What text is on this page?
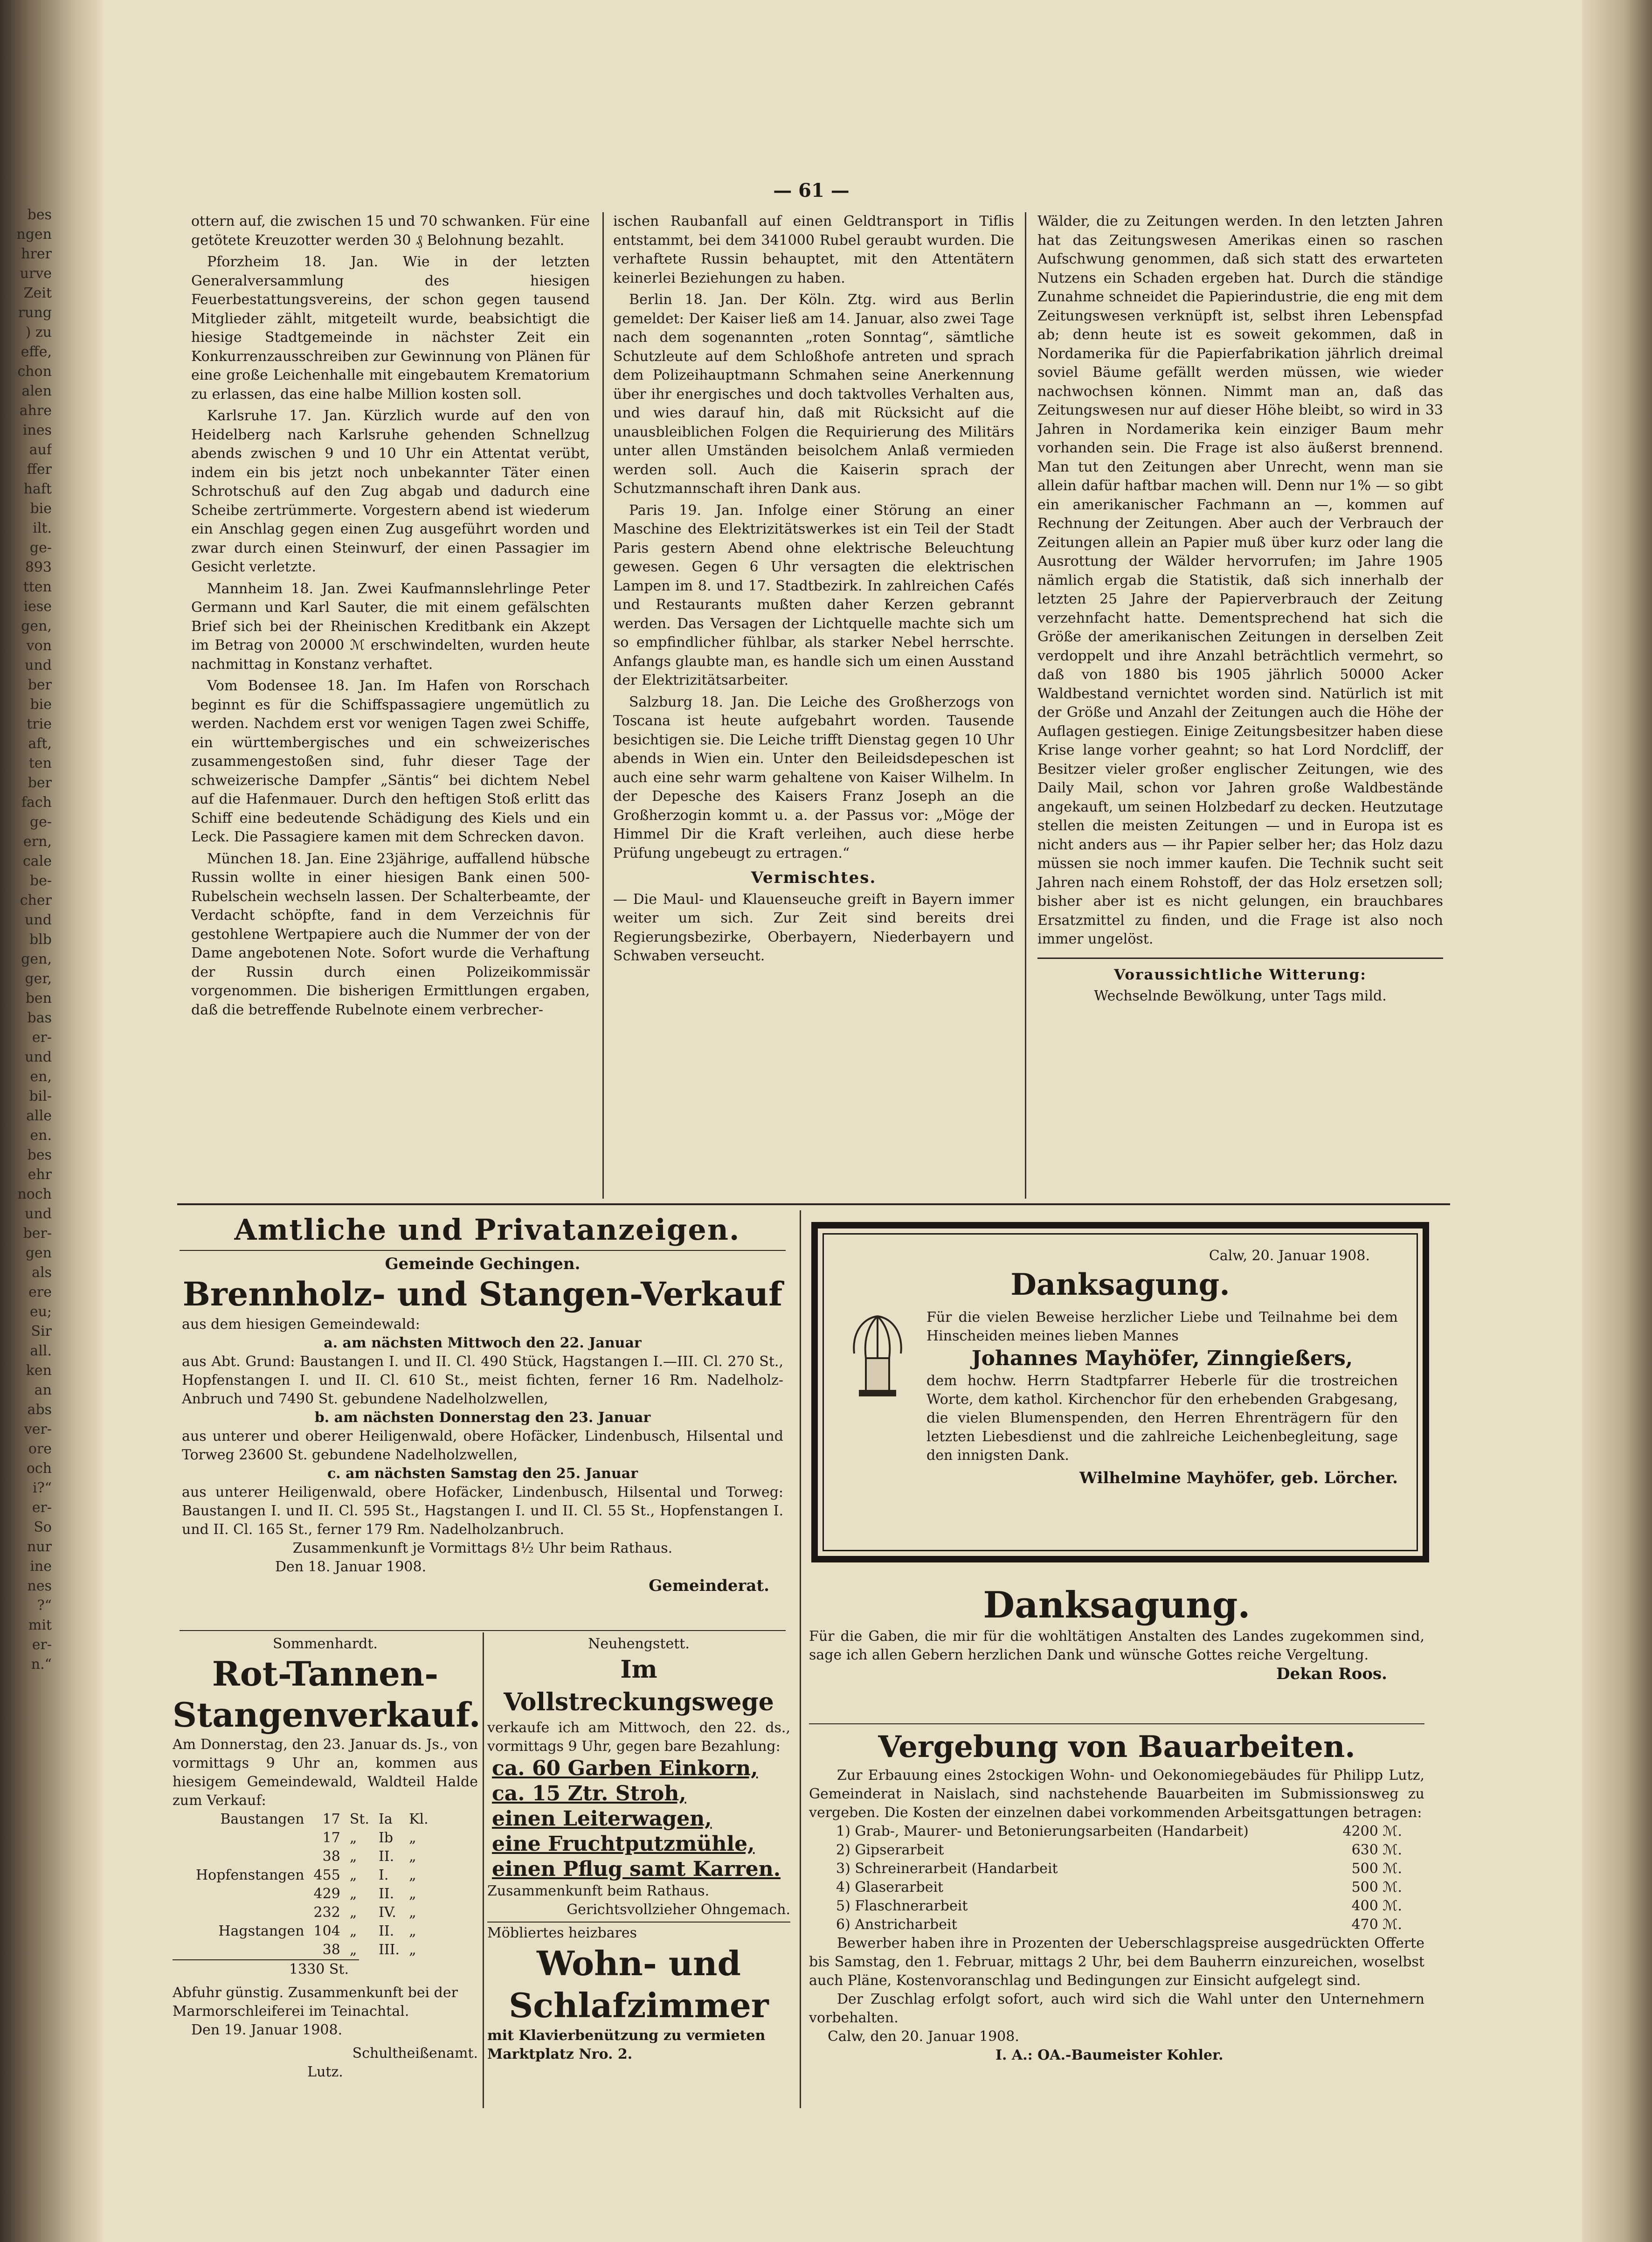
bes
ngen
hrer
urve
Zeit
rung
) zu
effe,
chon
alen
ahre
ines
auf
ffer
haft
bie
ilt.
ge-
893
tten
iese
gen,
von
und
ber
bie
trie
aft,
ten
ber
fach
ge-
ern,
cale
be-
cher
und
blb
gen,
ger,
ben
bas
er-
und
en,
bil-
alle
en.
bes
ehr
noch
und
ber-
gen
als
ere
eu;
Sir
all.
ken
an
abs
ver-
ore
och
i?“
er-
So
nur
ine
nes
?“
mit
er-
n.“
— 61 —

ottern auf, die zwischen 15 und 70 schwanken. Für eine getötete Kreuzotter werden 30 ₰ Belohnung bezahlt.

Pforzheim 18. Jan. Wie in der letzten Generalversammlung des hiesigen Feuerbestattungsvereins, der schon gegen tausend Mitglieder zählt, mitgeteilt wurde, beabsichtigt die hiesige Stadtgemeinde in nächster Zeit ein Konkurrenzausschreiben zur Gewinnung von Plänen für eine große Leichenhalle mit eingebautem Krematorium zu erlassen, das eine halbe Million kosten soll.

Karlsruhe 17. Jan. Kürzlich wurde auf den von Heidelberg nach Karlsruhe gehenden Schnellzug abends zwischen 9 und 10 Uhr ein Attentat verübt, indem ein bis jetzt noch unbekannter Täter einen Schrotschuß auf den Zug abgab und dadurch eine Scheibe zertrümmerte. Vorgestern abend ist wiederum ein Anschlag gegen einen Zug ausgeführt worden und zwar durch einen Steinwurf, der einen Passagier im Gesicht verletzte.

Mannheim 18. Jan. Zwei Kaufmannslehrlinge Peter Germann und Karl Sauter, die mit einem gefälschten Brief sich bei der Rheinischen Kreditbank ein Akzept im Betrag von 20000 ℳ erschwindelten, wurden heute nachmittag in Konstanz verhaftet.

Vom Bodensee 18. Jan. Im Hafen von Rorschach beginnt es für die Schiffspassagiere ungemütlich zu werden. Nachdem erst vor wenigen Tagen zwei Schiffe, ein württembergisches und ein schweizerisches zusammengestoßen sind, fuhr dieser Tage der schweizerische Dampfer „Säntis“ bei dichtem Nebel auf die Hafenmauer. Durch den heftigen Stoß erlitt das Schiff eine bedeutende Schädigung des Kiels und ein Leck. Die Passagiere kamen mit dem Schrecken davon.

München 18. Jan. Eine 23jährige, auffallend hübsche Russin wollte in einer hiesigen Bank einen 500-Rubelschein wechseln lassen. Der Schalterbeamte, der Verdacht schöpfte, fand in dem Verzeichnis für gestohlene Wertpapiere auch die Nummer der von der Dame angebotenen Note. Sofort wurde die Verhaftung der Russin durch einen Polizeikommissär vorgenommen. Die bisherigen Ermittlungen ergaben, daß die betreffende Rubelnote einem verbrecher-

ischen Raubanfall auf einen Geldtransport in Tiflis entstammt, bei dem 341000 Rubel geraubt wurden. Die verhaftete Russin behauptet, mit den Attentätern keinerlei Beziehungen zu haben.

Berlin 18. Jan. Der Köln. Ztg. wird aus Berlin gemeldet: Der Kaiser ließ am 14. Januar, also zwei Tage nach dem sogenannten „roten Sonntag“, sämtliche Schutzleute auf dem Schloßhofe antreten und sprach dem Polizeihauptmann Schmahen seine Anerkennung über ihr energisches und doch taktvolles Verhalten aus, und wies darauf hin, daß mit Rücksicht auf die unausbleiblichen Folgen die Requirierung des Militärs unter allen Umständen beisolchem Anlaß vermieden werden soll. Auch die Kaiserin sprach der Schutzmannschaft ihren Dank aus.

Paris 19. Jan. Infolge einer Störung an einer Maschine des Elektrizitätswerkes ist ein Teil der Stadt Paris gestern Abend ohne elektrische Beleuchtung gewesen. Gegen 6 Uhr versagten die elektrischen Lampen im 8. und 17. Stadtbezirk. In zahlreichen Cafés und Restaurants mußten daher Kerzen gebrannt werden. Das Versagen der Lichtquelle machte sich um so empfindlicher fühlbar, als starker Nebel herrschte. Anfangs glaubte man, es handle sich um einen Ausstand der Elektrizitätsarbeiter.

Salzburg 18. Jan. Die Leiche des Großherzogs von Toscana ist heute aufgebahrt worden. Tausende besichtigen sie. Die Leiche trifft Dienstag gegen 10 Uhr abends in Wien ein. Unter den Beileidsdepeschen ist auch eine sehr warm gehaltene von Kaiser Wilhelm. In der Depesche des Kaisers Franz Joseph an die Großherzogin kommt u. a. der Passus vor: „Möge der Himmel Dir die Kraft verleihen, auch diese herbe Prüfung ungebeugt zu ertragen.“

Vermischtes.

— Die Maul- und Klauenseuche greift in Bayern immer weiter um sich. Zur Zeit sind bereits drei Regierungsbezirke, Oberbayern, Niederbayern und Schwaben verseucht.

Wälder, die zu Zeitungen werden. In den letzten Jahren hat das Zeitungswesen Amerikas einen so raschen Aufschwung genommen, daß sich statt des erwarteten Nutzens ein Schaden ergeben hat. Durch die ständige Zunahme schneidet die Papierindustrie, die eng mit dem Zeitungswesen verknüpft ist, selbst ihren Lebenspfad ab; denn heute ist es soweit gekommen, daß in Nordamerika für die Papierfabrikation jährlich dreimal soviel Bäume gefällt werden müssen, wie wieder nachwochsen können. Nimmt man an, daß das Zeitungswesen nur auf dieser Höhe bleibt, so wird in 33 Jahren in Nordamerika kein einziger Baum mehr vorhanden sein. Die Frage ist also äußerst brennend. Man tut den Zeitungen aber Unrecht, wenn man sie allein dafür haftbar machen will. Denn nur 1% — so gibt ein amerikanischer Fachmann an —, kommen auf Rechnung der Zeitungen. Aber auch der Verbrauch der Zeitungen allein an Papier muß über kurz oder lang die Ausrottung der Wälder hervorrufen; im Jahre 1905 nämlich ergab die Statistik, daß sich innerhalb der letzten 25 Jahre der Papierverbrauch der Zeitung verzehnfacht hatte. Dementsprechend hat sich die Größe der amerikanischen Zeitungen in derselben Zeit verdoppelt und ihre Anzahl beträchtlich vermehrt, so daß von 1880 bis 1905 jährlich 50000 Acker Waldbestand vernichtet worden sind. Natürlich ist mit der Größe und Anzahl der Zeitungen auch die Höhe der Auflagen gestiegen. Einige Zeitungsbesitzer haben diese Krise lange vorher geahnt; so hat Lord Nordcliff, der Besitzer vieler großer englischer Zeitungen, wie des Daily Mail, schon vor Jahren große Waldbestände angekauft, um seinen Holzbedarf zu decken. Heutzutage stellen die meisten Zeitungen — und in Europa ist es nicht anders aus — ihr Papier selber her; das Holz dazu müssen sie noch immer kaufen. Die Technik sucht seit Jahren nach einem Rohstoff, der das Holz ersetzen soll; bisher aber ist es nicht gelungen, ein brauchbares Ersatzmittel zu finden, und die Frage ist also noch immer ungelöst.

Voraussichtliche Witterung:
Wechselnde Bewölkung, unter Tags mild.
Amtliche und Privatanzeigen.
Gemeinde Gechingen.
Brennholz- und Stangen-Verkauf
aus dem hiesigen Gemeindewald:
a. am nächsten Mittwoch den 22. Januar
aus Abt. Grund: Baustangen I. und II. Cl. 490 Stück, Hagstangen I.—III. Cl. 270 St., Hopfenstangen I. und II. Cl. 610 St., meist fichten, ferner 16 Rm. Nadelholz-Anbruch und 7490 St. gebundene Nadelholzwellen,
b. am nächsten Donnerstag den 23. Januar
aus unterer und oberer Heiligenwald, obere Hofäcker, Lindenbusch, Hilsental und Torweg 23600 St. gebundene Nadelholzwellen,
c. am nächsten Samstag den 25. Januar
aus unterer Heiligenwald, obere Hofäcker, Lindenbusch, Hilsental und Torweg: Baustangen I. und II. Cl. 595 St., Hagstangen I. und II. Cl. 55 St., Hopfenstangen I. und II. Cl. 165 St., ferner 179 Rm. Nadelholzanbruch.
Zusammenkunft je Vormittags 8½ Uhr beim Rathaus.
Den 18. Januar 1908.
Gemeinderat.
Sommenhardt.
Rot-Tannen-
Stangenverkauf.
Am Donnerstag, den 23. Januar ds. Js., von vormittags 9 Uhr an, kommen aus hiesigem Gemeindewald, Waldteil Halde zum Verkauf:
Baustangen	17	St.	Ia	Kl.
	17	„	Ib	„
	38	„	II.	„
Hopfenstangen	455	„	I.	„
	429	„	II.	„
	232	„	IV.	„
Hagstangen	104	„	II.	„
	38	„	III.	„
1330 St.
Abfuhr günstig. Zusammenkunft bei der Marmorschleiferei im Teinachtal.
Den 19. Januar 1908.
Schultheißenamt.
Lutz.
Neuhengstett.
Im Vollstreckungswege
verkaufe ich am Mittwoch, den 22. ds., vormittags 9 Uhr, gegen bare Bezahlung:
ca. 60 Garben Einkorn,
ca. 15 Ztr. Stroh,
einen Leiterwagen,
eine Fruchtputzmühle,
einen Pflug samt Karren.
Zusammenkunft beim Rathaus.
Gerichtsvollzieher Ohngemach.
Möbliertes heizbares
Wohn- und
Schlafzimmer
mit Klavierbenützung zu vermieten
Marktplatz Nro. 2.
Calw, 20. Januar 1908.
Danksagung.
Für die vielen Beweise herzlicher Liebe und Teilnahme bei dem Hinscheiden meines lieben Mannes
Johannes Mayhöfer, Zinngießers,
dem hochw. Herrn Stadtpfarrer Heberle für die trostreichen Worte, dem kathol. Kirchenchor für den erhebenden Grabgesang, die vielen Blumenspenden, den Herren Ehrenträgern für den letzten Liebesdienst und die zahlreiche Leichenbegleitung, sage den innigsten Dank.
Wilhelmine Mayhöfer, geb. Lörcher.
Danksagung.
Für die Gaben, die mir für die wohltätigen Anstalten des Landes zugekommen sind, sage ich allen Gebern herzlichen Dank und wünsche Gottes reiche Vergeltung.
Dekan Roos.
Vergebung von Bauarbeiten.
Zur Erbauung eines 2stockigen Wohn- und Oekonomiegebäudes für Philipp Lutz, Gemeinderat in Naislach, sind nachstehende Bauarbeiten im Submissionsweg zu vergeben. Die Kosten der einzelnen dabei vorkommenden Arbeitsgattungen betragen:
1) Grab-, Maurer- und Betonierungsarbeiten (Handarbeit)	4200 ℳ.
2) Gipserarbeit	630 ℳ.
3) Schreinerarbeit (Handarbeit	500 ℳ.
4) Glaserarbeit	500 ℳ.
5) Flaschnerarbeit	400 ℳ.
6) Anstricharbeit	470 ℳ.
Bewerber haben ihre in Prozenten der Ueberschlagspreise ausgedrückten Offerte bis Samstag, den 1. Februar, mittags 2 Uhr, bei dem Bauherrn einzureichen, woselbst auch Pläne, Kostenvoranschlag und Bedingungen zur Einsicht aufgelegt sind.
Der Zuschlag erfolgt sofort, auch wird sich die Wahl unter den Unternehmern vorbehalten.
Calw, den 20. Januar 1908.
I. A.: OA.-Baumeister Kohler.
